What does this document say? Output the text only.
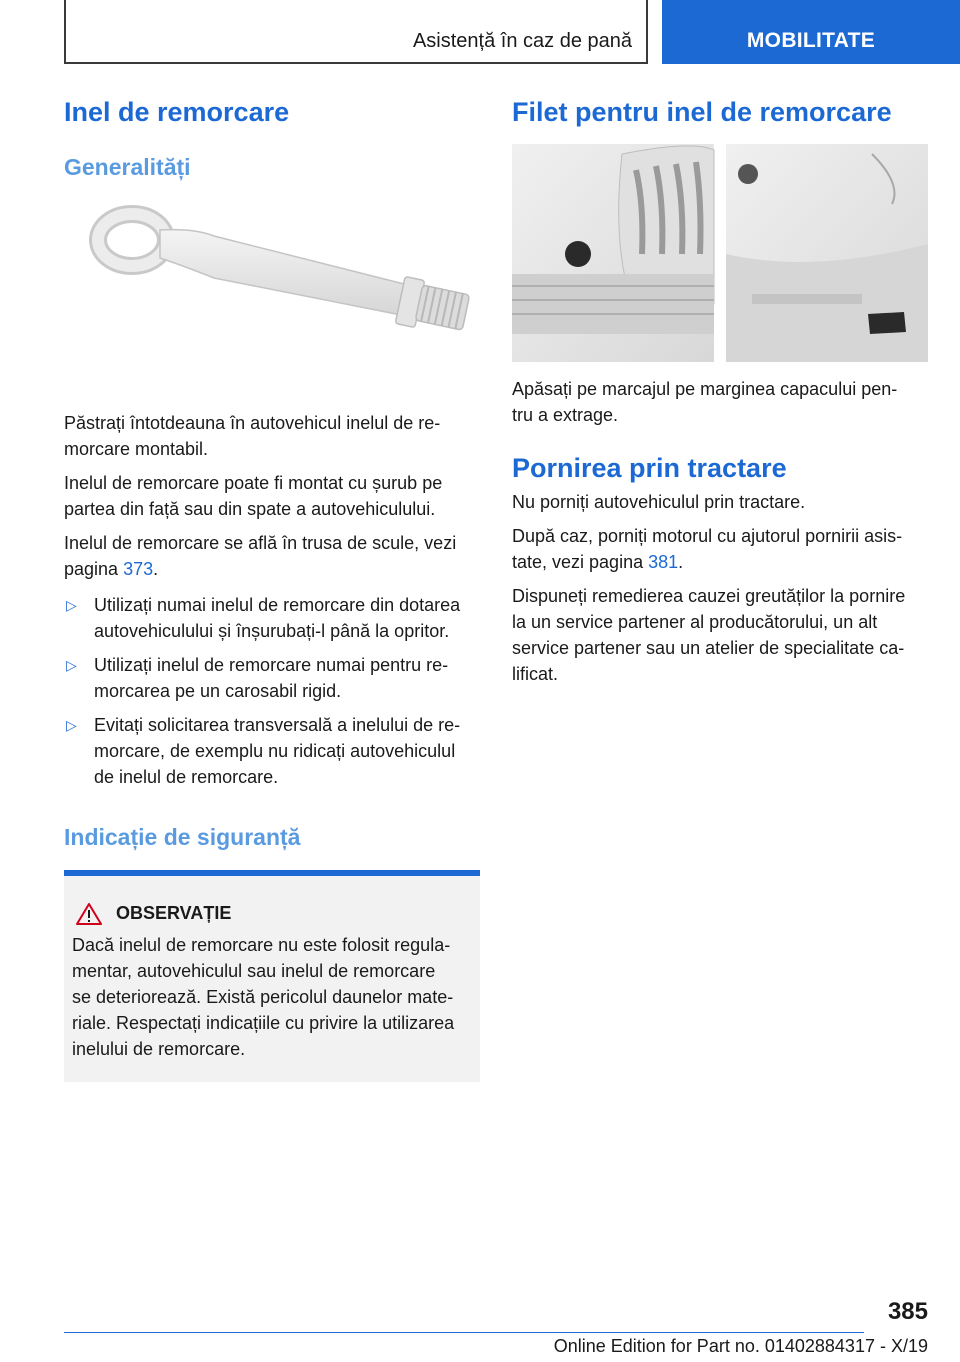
Asistență în caz de pană	MOBILITATE
Inel de remorcare
Generalități

Păstrați întotdeauna în autovehicul inelul de re-
morcare montabil.

Inelul de remorcare poate fi montat cu șurub pe
partea din față sau din spate a autovehiculului.

Inelul de remorcare se află în trusa de scule, vezi
pagina 373.

▷ Utilizați numai inelul de remorcare din dotarea
autovehiculului și înșurubați-l până la opritor.
▷ Utilizați inelul de remorcare numai pentru re-
morcarea pe un carosabil rigid.
▷ Evitați solicitarea transversală a inelului de re-
morcare, de exemplu nu ridicați autovehiculul
de inelul de remorcare.
Indicație de siguranță
OBSERVAȚIE

Dacă inelul de remorcare nu este folosit regula-
mentar, autovehiculul sau inelul de remorcare
se deteriorează. Există pericolul daunelor mate-
riale. Respectați indicațiile cu privire la utilizarea
inelului de remorcare.

Filet pentru inel de remorcare

Apăsați pe marcajul pe marginea capacului pen-
tru a extrage.

Pornirea prin tractare

Nu porniți autovehiculul prin tractare.

După caz, porniți motorul cu ajutorul pornirii asis-
tate, vezi pagina 381.

Dispuneți remedierea cauzei greutăților la pornire
la un service partener al producătorului, un alt
service partener sau un atelier de specialitate ca-
lificat.

385
Online Edition for Part no. 01402884317 - X/19
